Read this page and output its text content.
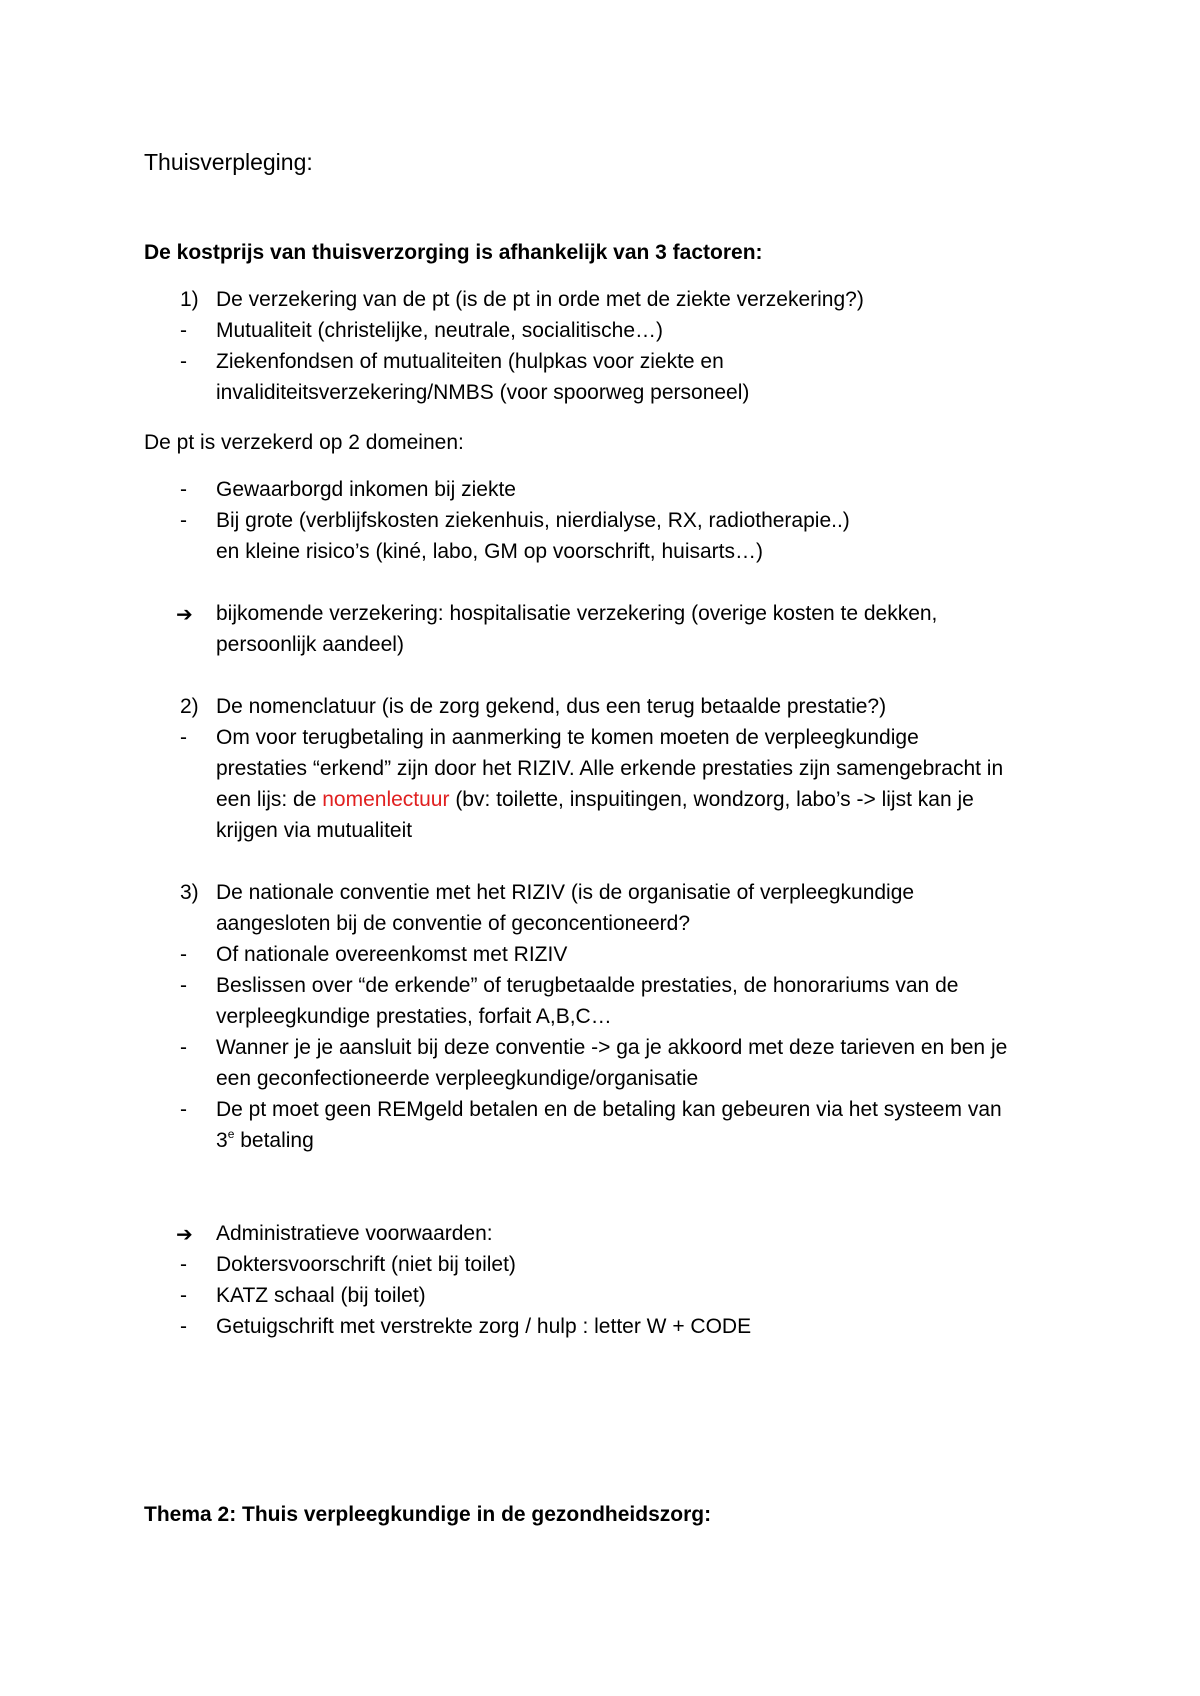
Thuisverpleging:
De kostprijs van thuisverzorging is afhankelijk van 3 factoren:
1) De verzekering van de pt (is de pt in orde met de ziekte verzekering?)
- Mutualiteit (christelijke, neutrale, socialitische…)
- Ziekenfondsen of mutualiteiten (hulpkas voor ziekte en
invaliditeitsverzekering/NMBS (voor spoorweg personeel)
De pt is verzekerd op 2 domeinen:
- Gewaarborgd inkomen bij ziekte
- Bij grote (verblijfskosten ziekenhuis, nierdialyse, RX, radiotherapie..)
en kleine risico’s (kiné, labo, GM op voorschrift, huisarts…)
➔ bijkomende verzekering: hospitalisatie verzekering (overige kosten te dekken,
persoonlijk aandeel)
2) De nomenclatuur (is de zorg gekend, dus een terug betaalde prestatie?)
- Om voor terugbetaling in aanmerking te komen moeten de verpleegkundige
prestaties “erkend” zijn door het RIZIV. Alle erkende prestaties zijn samengebracht in
een lijs: de nomenlectuur (bv: toilette, inspuitingen, wondzorg, labo’s -> lijst kan je
krijgen via mutualiteit
3) De nationale conventie met het RIZIV (is de organisatie of verpleegkundige
aangesloten bij de conventie of geconcentioneerd?
- Of nationale overeenkomst met RIZIV
- Beslissen over “de erkende” of terugbetaalde prestaties, de honorariums van de
verpleegkundige prestaties, forfait A,B,C…
- Wanner je je aansluit bij deze conventie -> ga je akkoord met deze tarieven en ben je
een geconfectioneerde verpleegkundige/organisatie
- De pt moet geen REMgeld betalen en de betaling kan gebeuren via het systeem van
3e betaling
➔ Administratieve voorwaarden:
- Doktersvoorschrift (niet bij toilet)
- KATZ schaal (bij toilet)
- Getuigschrift met verstrekte zorg / hulp : letter W + CODE
Thema 2: Thuis verpleegkundige in de gezondheidszorg:
